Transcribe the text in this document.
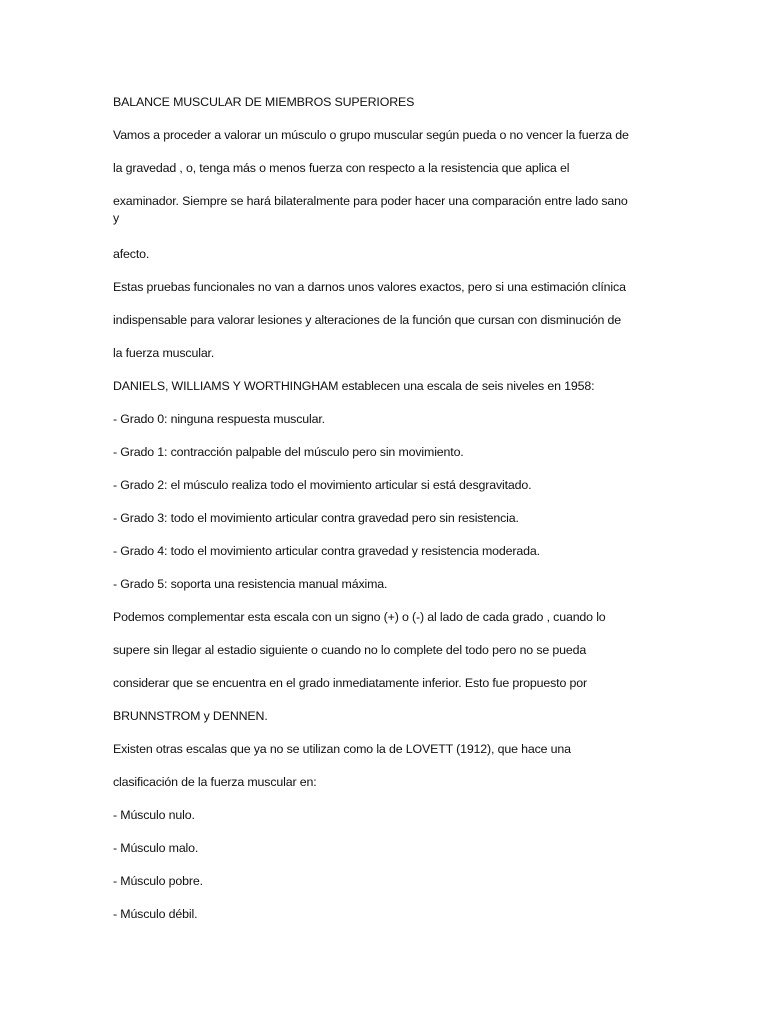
BALANCE MUSCULAR DE MIEMBROS SUPERIORES

Vamos a proceder a valorar un músculo o grupo muscular según pueda o no vencer la fuerza de

la gravedad , o, tenga más o menos fuerza con respecto a la resistencia que aplica el

examinador. Siempre se hará bilateralmente para poder hacer una comparación entre lado sano

y

afecto.

Estas pruebas funcionales no van a darnos unos valores exactos, pero si una estimación clínica

indispensable para valorar lesiones y alteraciones de la función que cursan con disminución de

la fuerza muscular.

DANIELS, WILLIAMS Y WORTHINGHAM establecen una escala de seis niveles en 1958:

- Grado 0: ninguna respuesta muscular.

- Grado 1: contracción palpable del músculo pero sin movimiento.

- Grado 2: el músculo realiza todo el movimiento articular si está desgravitado.

- Grado 3: todo el movimiento articular contra gravedad pero sin resistencia.

- Grado 4: todo el movimiento articular contra gravedad y resistencia moderada.

- Grado 5: soporta una resistencia manual máxima.

Podemos complementar esta escala con un signo (+) o (-) al lado de cada grado , cuando lo

supere sin llegar al estadio siguiente o cuando no lo complete del todo pero no se pueda

considerar que se encuentra en el grado inmediatamente inferior. Esto fue propuesto por

BRUNNSTROM y DENNEN.

Existen otras escalas que ya no se utilizan como la de LOVETT (1912), que hace una

clasificación de la fuerza muscular en:

- Músculo nulo.

- Músculo malo.

- Músculo pobre.

- Músculo débil.
